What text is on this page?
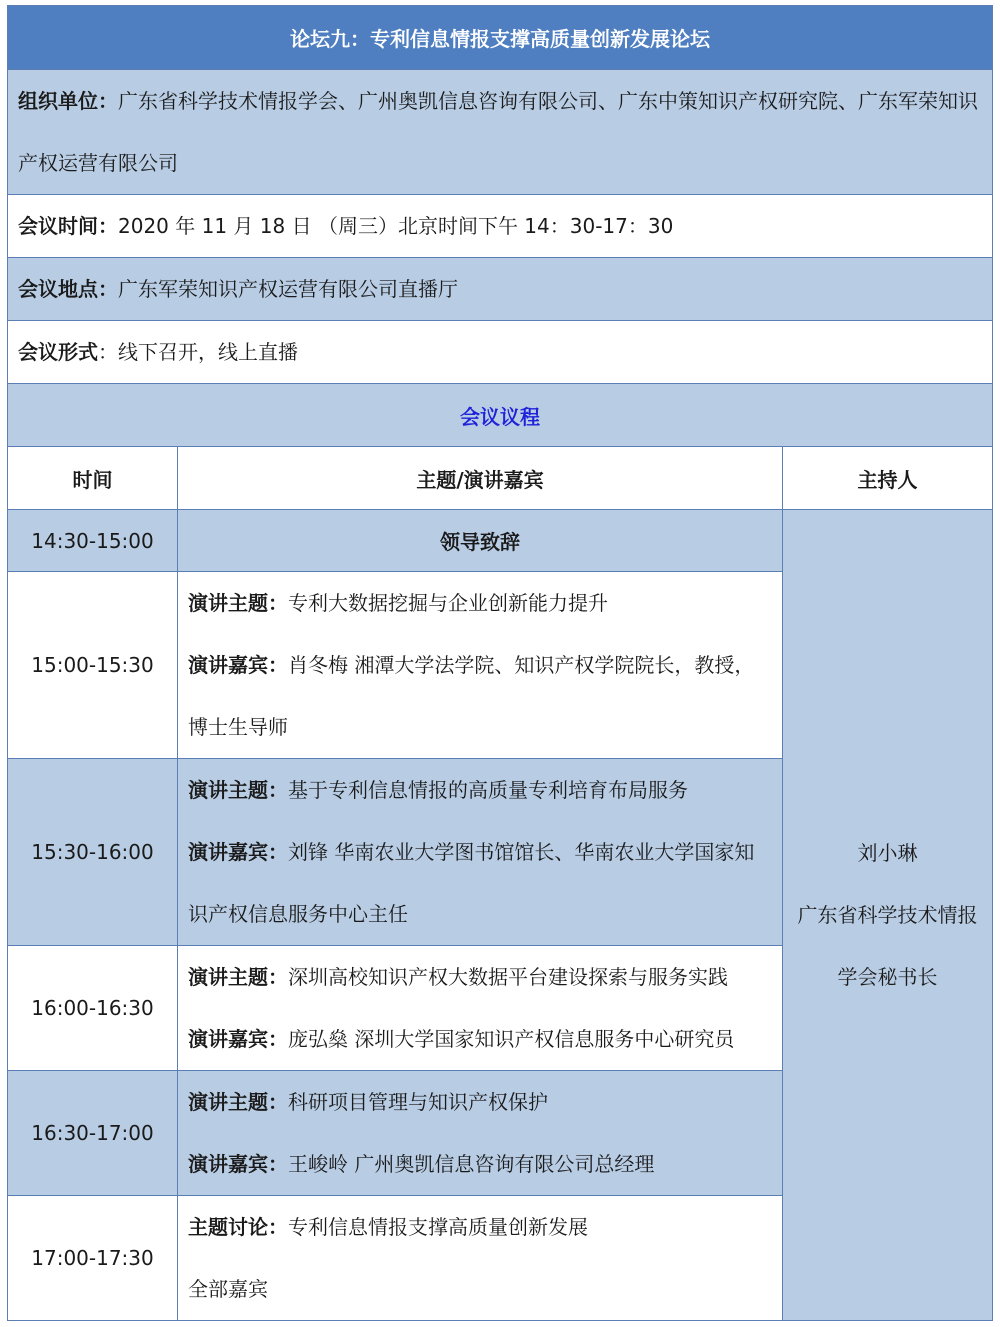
论坛九：专利信息情报支撑高质量创新发展论坛		
组织单位：广东省科学技术情报学会、广州奥凯信息咨询有限公司、广东中策知识产权研究院、广东军荣知识产权运营有限公司		
会议时间：2020 年 11 月 18 日 （周三）北京时间下午 14：30-17：30		
会议地点：广东军荣知识产权运营有限公司直播厅		
会议形式：线下召开，线上直播		
会议议程		
时间	主题/演讲嘉宾	主持人
14:30-15:00	领导致辞	刘小琳
广东省科学技术情报学会秘书长

15:00-15:30	演讲主题：专利大数据挖掘与企业创新能力提升
演讲嘉宾：肖冬梅 湘潭大学法学院、知识产权学院院长，教授，博士生导师	

15:30-16:00	演讲主题：基于专利信息情报的高质量专利培育布局服务
演讲嘉宾：刘锋 华南农业大学图书馆馆长、华南农业大学国家知识产权信息服务中心主任	

16:00-16:30	演讲主题：深圳高校知识产权大数据平台建设探索与服务实践
演讲嘉宾：庞弘燊 深圳大学国家知识产权信息服务中心研究员	

16:30-17:00	演讲主题：科研项目管理与知识产权保护
演讲嘉宾：王峻岭 广州奥凯信息咨询有限公司总经理	

17:00-17:30	主题讨论：专利信息情报支撑高质量创新发展
全部嘉宾	
